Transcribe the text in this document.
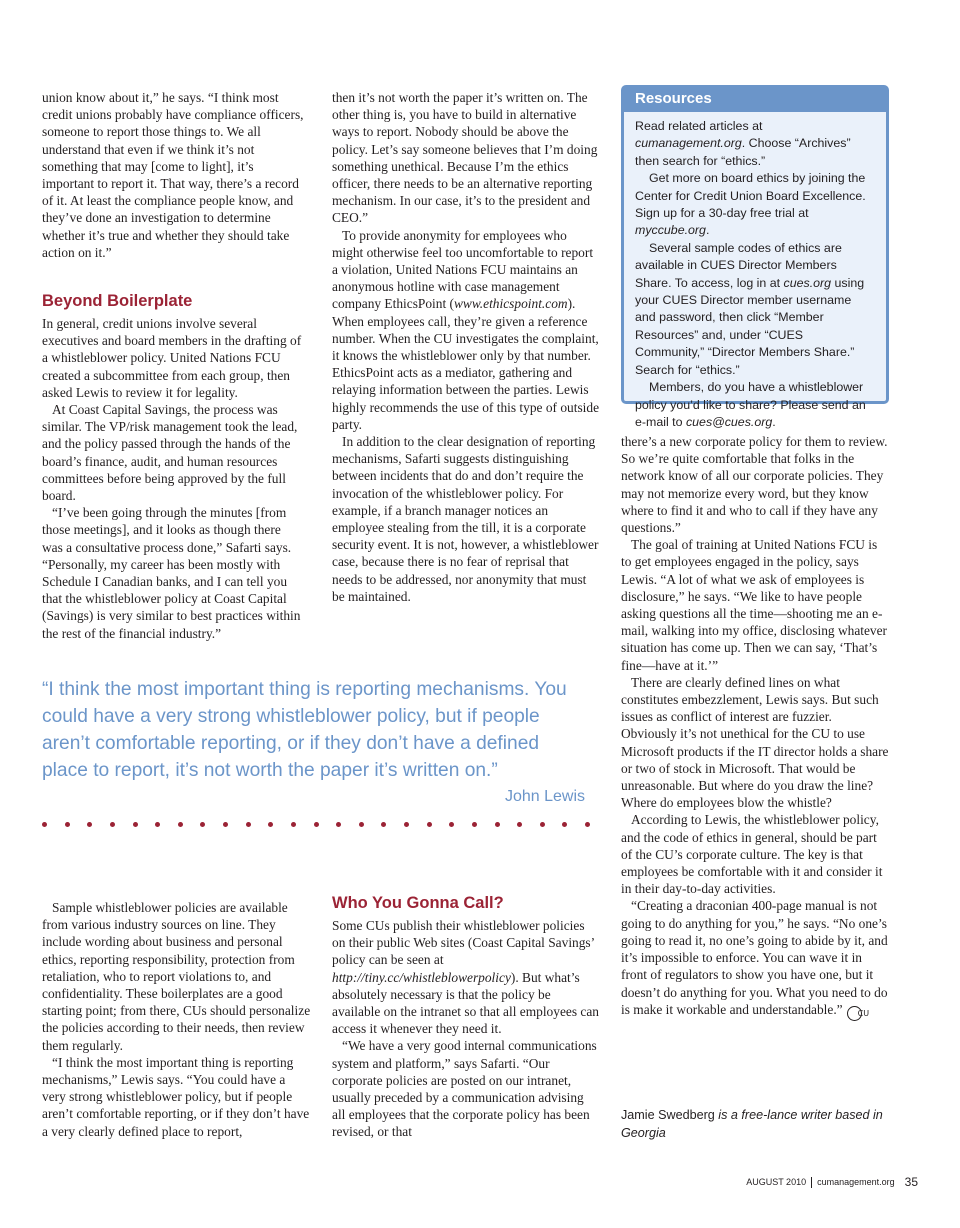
union know about it,” he says. “I think most credit unions probably have compliance officers, someone to report those things to. We all understand that even if we think it’s not something that may [come to light], it’s important to report it. That way, there’s a record of it. At least the compliance people know, and they’ve done an investigation to determine whether it’s true and whether they should take action on it.”

Beyond Boilerplate

In general, credit unions involve several executives and board members in the drafting of a whistleblower policy. United Nations FCU created a subcommittee from each group, then asked Lewis to review it for legality.

At Coast Capital Savings, the process was similar. The VP/risk management took the lead, and the policy passed through the hands of the board’s finance, audit, and human resources committees before being approved by the full board.

“I’ve been going through the minutes [from those meetings], and it looks as though there was a consultative process done,” Safarti says. “Personally, my career has been mostly with Schedule I Canadian banks, and I can tell you that the whistleblower policy at Coast Capital (Savings) is very similar to best practices within the rest of the financial industry.”

then it’s not worth the paper it’s written on. The other thing is, you have to build in alternative ways to report. Nobody should be above the policy. Let’s say someone believes that I’m doing something unethical. Because I’m the ethics officer, there needs to be an alternative reporting mechanism. In our case, it’s to the president and CEO.”

To provide anonymity for employees who might otherwise feel too uncomfortable to report a violation, United Nations FCU maintains an anonymous hotline with case management company EthicsPoint (www.ethicspoint.com). When employees call, they’re given a reference number. When the CU investigates the complaint, it knows the whistleblower only by that number. EthicsPoint acts as a mediator, gathering and relaying information between the parties. Lewis highly recommends the use of this type of outside party.

In addition to the clear designation of reporting mechanisms, Safarti suggests distinguishing between incidents that do and don’t require the invocation of the whistleblower policy. For example, if a branch manager notices an employee stealing from the till, it is a corporate security event. It is not, however, a whistleblower case, because there is no fear of reprisal that needs to be addressed, nor anonymity that must be maintained.

Resources

Read related articles at cumanagement.org. Choose “Archives” then search for “ethics.”

Get more on board ethics by joining the Center for Credit Union Board Excellence. Sign up for a 30-day free trial at myccube.org.

Several sample codes of ethics are available in CUES Director Members Share. To access, log in at cues.org using your CUES Director member username and password, then click “Member Resources” and, under “CUES Community,” “Director Members Share.” Search for “ethics.”

Members, do you have a whistleblower policy you’d like to share? Please send an e-mail to cues@cues.org.

there’s a new corporate policy for them to review. So we’re quite comfortable that folks in the network know of all our corporate policies. They may not memorize every word, but they know where to find it and who to call if they have any questions.”

The goal of training at United Nations FCU is to get employees engaged in the policy, says Lewis. “A lot of what we ask of employees is disclosure,” he says. “We like to have people asking questions all the time—shooting me an e-mail, walking into my office, disclosing whatever situation has come up. Then we can say, ‘That’s fine—have at it.’”

There are clearly defined lines on what constitutes embezzlement, Lewis says. But such issues as conflict of interest are fuzzier. Obviously it’s not unethical for the CU to use Microsoft products if the IT director holds a share or two of stock in Microsoft. That would be unreasonable. But where do you draw the line? Where do employees blow the whistle?

According to Lewis, the whistleblower policy, and the code of ethics in general, should be part of the CU’s corporate culture. The key is that employees be comfortable with it and consider it in their day-to-day activities.

“Creating a draconian 400-page manual is not going to do anything for you,” he says. “No one’s going to read it, no one’s going to abide by it, and it’s impossible to enforce. You can wave it in front of regulators to show you have one, but it doesn’t do anything for you. What you need to do is make it workable and understandable.” CU

“I think the most important thing is reporting mechanisms. You could have a very strong whistleblower policy, but if people aren’t comfortable reporting, or if they don’t have a defined place to report, it’s not worth the paper it’s written on.”
John Lewis

Sample whistleblower policies are available from various industry sources on line. They include wording about business and personal ethics, reporting responsibility, protection from retaliation, who to report violations to, and confidentiality. These boilerplates are a good starting point; from there, CUs should personalize the policies according to their needs, then review them regularly.

“I think the most important thing is reporting mechanisms,” Lewis says. “You could have a very strong whistleblower policy, but if people aren’t comfortable reporting, or if they don’t have a very clearly defined place to report,

Who You Gonna Call?

Some CUs publish their whistleblower policies on their public Web sites (Coast Capital Savings’ policy can be seen at http://tiny.cc/whistleblowerpolicy). But what’s absolutely necessary is that the policy be available on the intranet so that all employees can access it whenever they need it.

“We have a very good internal communications system and platform,” says Safarti. “Our corporate policies are posted on our intranet, usually preceded by a communication advising all employees that the corporate policy has been revised, or that

Jamie Swedberg is a free-lance writer based in Georgia
AUGUST 2010 cumanagement.org 35
